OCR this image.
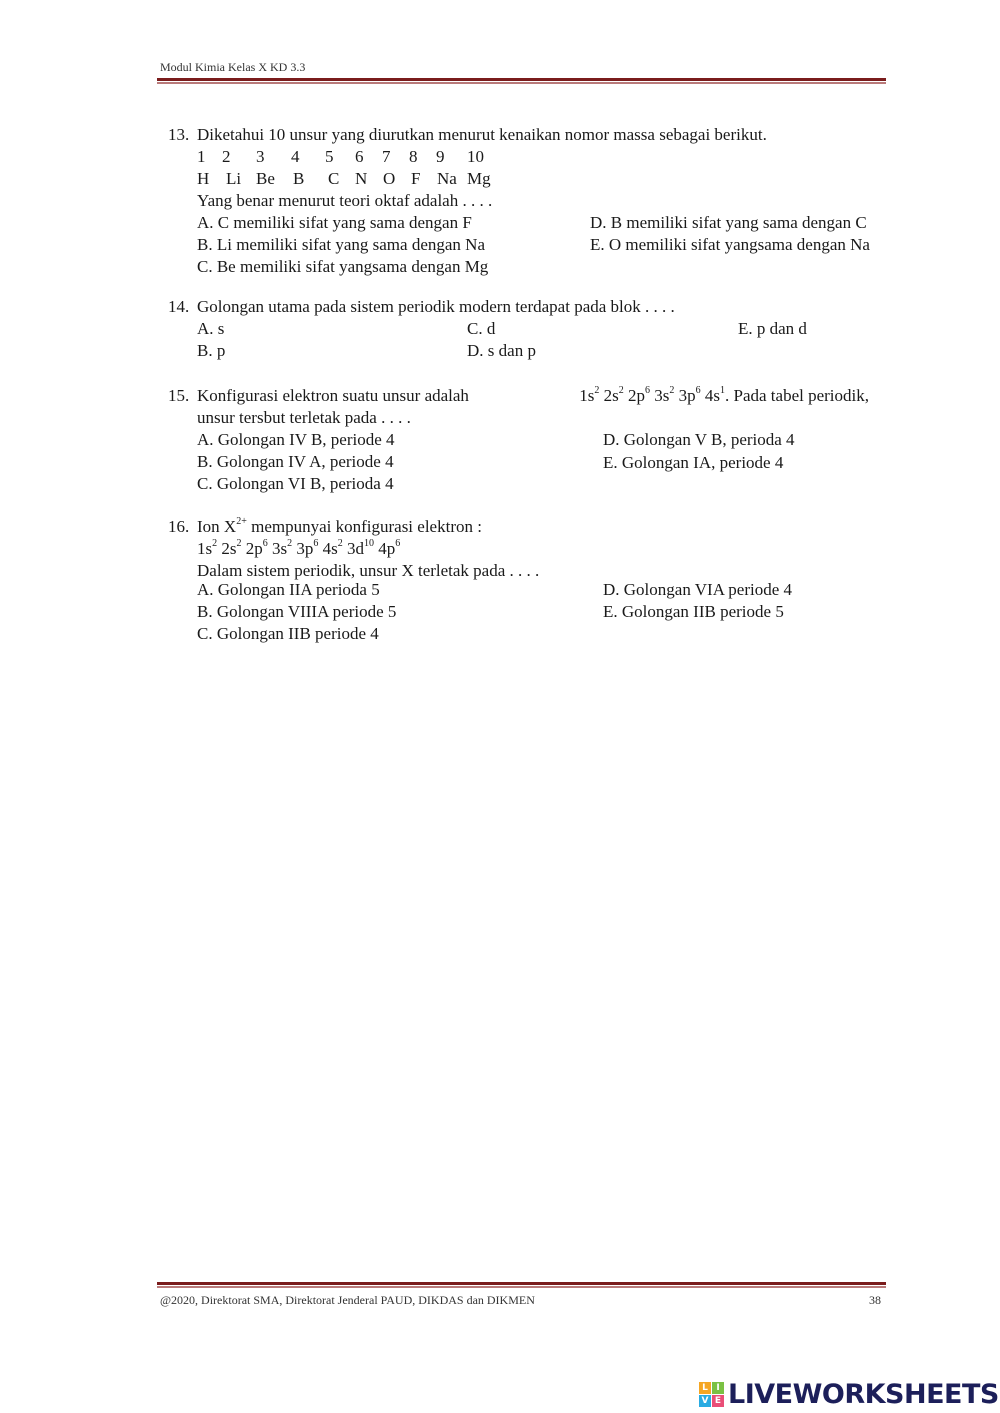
Modul Kimia Kelas X KD 3.3
13. Diketahui 10 unsur yang diurutkan menurut kenaikan nomor massa sebagai berikut.
1 2 3 4 5 6 7 8 9 10
H Li Be B C N O F Na Mg
Yang benar menurut teori oktaf adalah . . . .
A. C memiliki sifat yang sama dengan F	D. B memiliki sifat yang sama dengan C
B. Li memiliki sifat yang sama dengan Na	E. O memiliki sifat yangsama dengan Na
C. Be memiliki sifat yangsama dengan Mg
14. Golongan utama pada sistem periodik modern terdapat pada blok . . . .
A. s	C. d	E. p dan d
B. p	D. s dan p
15. Konfigurasi elektron suatu unsur adalah	$1s^2$ $2s^2$ $2p^6$ $3s^2$ $3p^6$ $4s^1$. Pada tabel periodik,
unsur tersbut terletak pada . . . .
A. Golongan IV B, periode 4	D. Golongan V B, perioda 4
B. Golongan IV A, periode 4	E. Golongan IA, periode 4
C. Golongan VI B, perioda 4
16. Ion $X^{2+}$ mempunyai konfigurasi elektron :
$1s^2$ $2s^2$ $2p^6$ $3s^2$ $3p^6$ $4s^2$ $3d^{10}$ $4p^6$
Dalam sistem periodik, unsur X terletak pada . . . .
A. Golongan IIA perioda 5	D. Golongan VIA periode 4
B. Golongan VIIIA periode 5	E. Golongan IIB periode 5
C. Golongan IIB periode 4
@2020, Direktorat SMA, Direktorat Jenderal PAUD, DIKDAS dan DIKMEN	38
L I
V E LIVEWORKSHEETS
